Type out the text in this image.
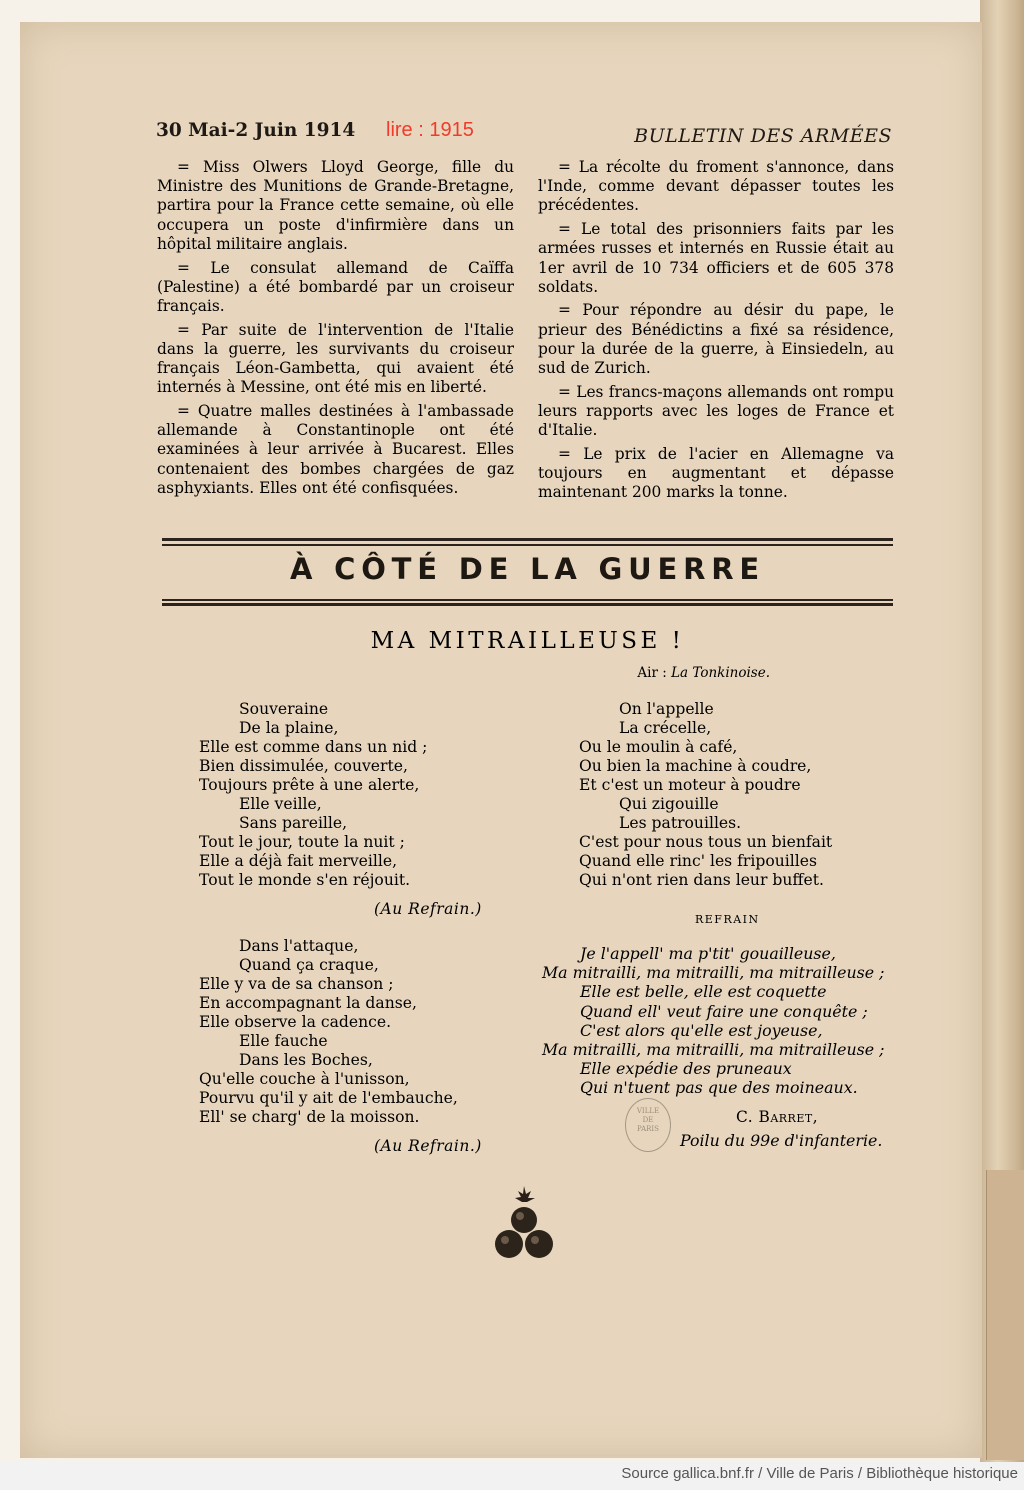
30 Mai-2 Juin 1914 lire : 1915	BULLETIN DES ARMÉES

= Miss Olwers Lloyd George, fille du Ministre des Munitions de Grande-Bretagne, partira pour la France cette semaine, où elle occupera un poste d'infirmière dans un hôpital militaire anglais.

= Le consulat allemand de Caïffa (Palestine) a été bombardé par un croiseur français.

= Par suite de l'intervention de l'Italie dans la guerre, les survivants du croiseur français Léon-Gambetta, qui avaient été internés à Messine, ont été mis en liberté.

= Quatre malles destinées à l'ambassade allemande à Constantinople ont été examinées à leur arrivée à Bucarest. Elles contenaient des bombes chargées de gaz asphyxiants. Elles ont été confisquées.

= La récolte du froment s'annonce, dans l'Inde, comme devant dépasser toutes les précédentes.

= Le total des prisonniers faits par les armées russes et internés en Russie était au 1er avril de 10 734 officiers et de 605 378 soldats.

= Pour répondre au désir du pape, le prieur des Bénédictins a fixé sa résidence, pour la durée de la guerre, à Einsiedeln, au sud de Zurich.

= Les francs-maçons allemands ont rompu leurs rapports avec les loges de France et d'Italie.

= Le prix de l'acier en Allemagne va toujours en augmentant et dépasse maintenant 200 marks la tonne.

À CÔTÉ DE LA GUERRE
MA MITRAILLEUSE !
Air : La Tonkinoise.
Souveraine
De la plaine,
Elle est comme dans un nid ;
Bien dissimulée, couverte,
Toujours prête à une alerte,
Elle veille,
Sans pareille,
Tout le jour, toute la nuit ;
Elle a déjà fait merveille,
Tout le monde s'en réjouit.
(Au Refrain.)
Dans l'attaque,
Quand ça craque,
Elle y va de sa chanson ;
En accompagnant la danse,
Elle observe la cadence.
Elle fauche
Dans les Boches,
Qu'elle couche à l'unisson,
Pourvu qu'il y ait de l'embauche,
Ell' se charg' de la moisson.
(Au Refrain.)
On l'appelle
La crécelle,
Ou le moulin à café,
Ou bien la machine à coudre,
Et c'est un moteur à poudre
Qui zigouille
Les patrouilles.
C'est pour nous tous un bienfait
Quand elle rinc' les fripouilles
Qui n'ont rien dans leur buffet.
REFRAIN
Je l'appell' ma p'tit' gouailleuse,
Ma mitrailli, ma mitrailli, ma mitrailleuse ;
Elle est belle, elle est coquette
Quand ell' veut faire une conquête ;
C'est alors qu'elle est joyeuse,
Ma mitrailli, ma mitrailli, ma mitrailleuse ;
Elle expédie des pruneaux
Qui n'tuent pas que des moineaux.
VILLE
DE
PARIS
C. Barret,
Poilu du 99e d'infanterie.
Source gallica.bnf.fr / Ville de Paris / Bibliothèque historique
